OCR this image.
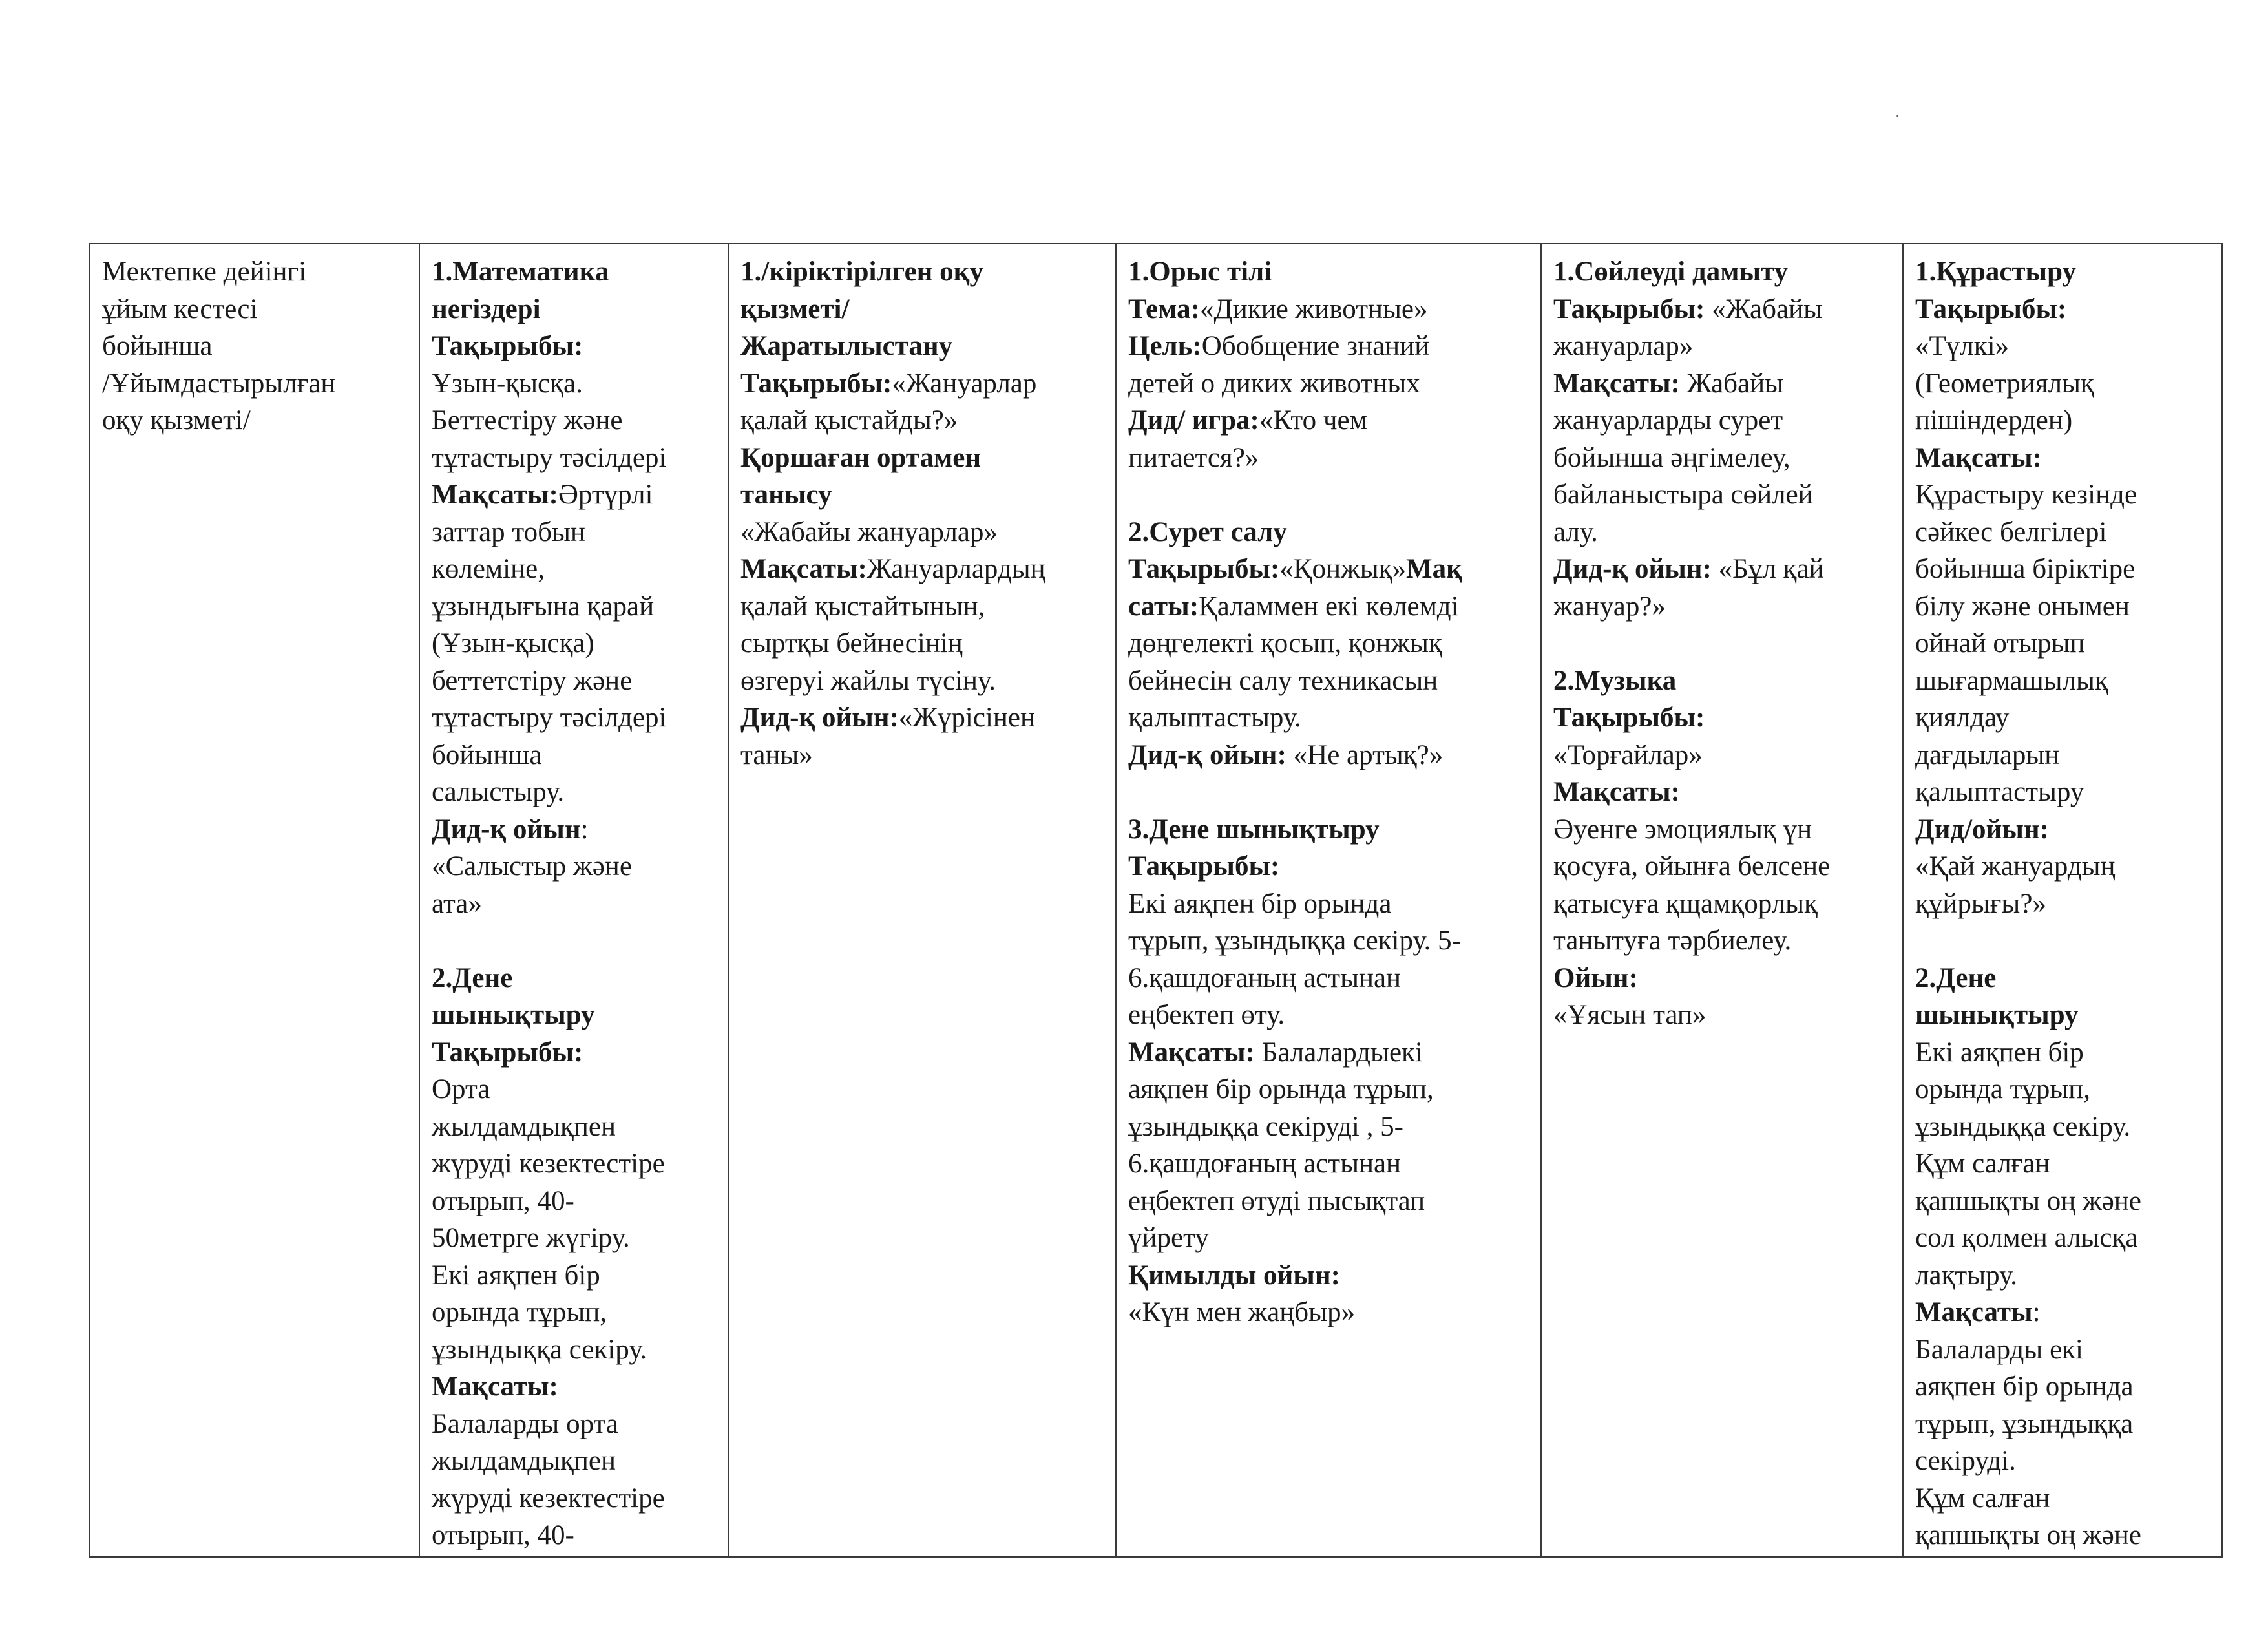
Мектепке дейінгі
ұйым кестесі
бойынша
/Ұйымдастырылған
оқу қызметі/

1.Математика
негіздері
Тақырыбы:
Ұзын-қысқа.
Беттестіру және
тұтастыру тәсілдері
Мақсаты:Әртүрлі
заттар тобын
көлеміне,
ұзындығына қарай
(Ұзын-қысқа)
беттетстіру және
тұтастыру тәсілдері
бойынша
салыстыру.
Дид-қ ойын:
«Салыстыр және
ата»
2.Дене
шынықтыру
Тақырыбы:
Орта
жылдамдықпен
жүруді кезектестіре
отырып, 40-
50метрге жүгіру.
Екі аяқпен бір
орында тұрып,
ұзындыққа секіру.
Мақсаты:
Балаларды орта
жылдамдықпен
жүруді кезектестіре
отырып, 40-

1./кіріктірілген оқу
қызметі/
Жаратылыстану
Тақырыбы:«Жануарлар
қалай қыстайды?»
Қоршаған ортамен
танысу
«Жабайы жануарлар»
Мақсаты:Жануарлардың
қалай қыстайтынын,
сыртқы бейнесінің
өзгеруі жайлы түсіну.
Дид-қ ойын:«Жүрісінен
таны»

1.Орыс тілі
Тема:«Дикие животные»
Цель:Обобщение знаний
детей о диких животных
Дид/ игра:«Кто чем
питается?»
2.Сурет салу
Тақырыбы:«Қонжық»Мақ
саты:Қаламмен екі көлемді
дөңгелекті қосып, қонжық
бейнесін салу техникасын
қалыптастыру.
Дид-қ ойын: «Не артық?»
3.Дене шынықтыру
Тақырыбы:
Екі аяқпен бір орында
тұрып, ұзындыққа секіру. 5-
6.қашдоғаның астынан
еңбектеп өту.
Мақсаты: Балалардыекі
аяқпен бір орында тұрып,
ұзындыққа секіруді , 5-
6.қашдоғаның астынан
еңбектеп өтуді пысықтап
үйрету
Қимылды ойын:
«Күн мен жаңбыр»

1.Сөйлеуді дамыту
Тақырыбы: «Жабайы
жануарлар»
Мақсаты: Жабайы
жануарларды сурет
бойынша әңгімелеу,
байланыстыра сөйлей
алу.
Дид-қ ойын: «Бұл қай
жануар?»
2.Музыка
Тақырыбы:
«Торғайлар»
Мақсаты:
Әуенге эмоциялық үн
қосуға, ойынға белсене
қатысуға қщамқорлық
танытуға тәрбиелеу.
Ойын:
«Ұясын тап»

1.Құрастыру
Тақырыбы:
«Түлкі»
(Геометриялық
пішіндерден)
Мақсаты:
Құрастыру кезінде
сәйкес белгілері
бойынша біріктіре
білу және онымен
ойнай отырып
шығармашылық
қиялдау
дағдыларын
қалыптастыру
Дид/ойын:
«Қай жануардың
құйрығы?»
2.Дене
шынықтыру
Екі аяқпен бір
орында тұрып,
ұзындыққа секіру.
Құм салған
қапшықты оң және
сол қолмен алысқа
лақтыру.
Мақсаты:
Балаларды екі
аяқпен бір орында
тұрып, ұзындыққа
секіруді.
Құм салған
қапшықты оң және
